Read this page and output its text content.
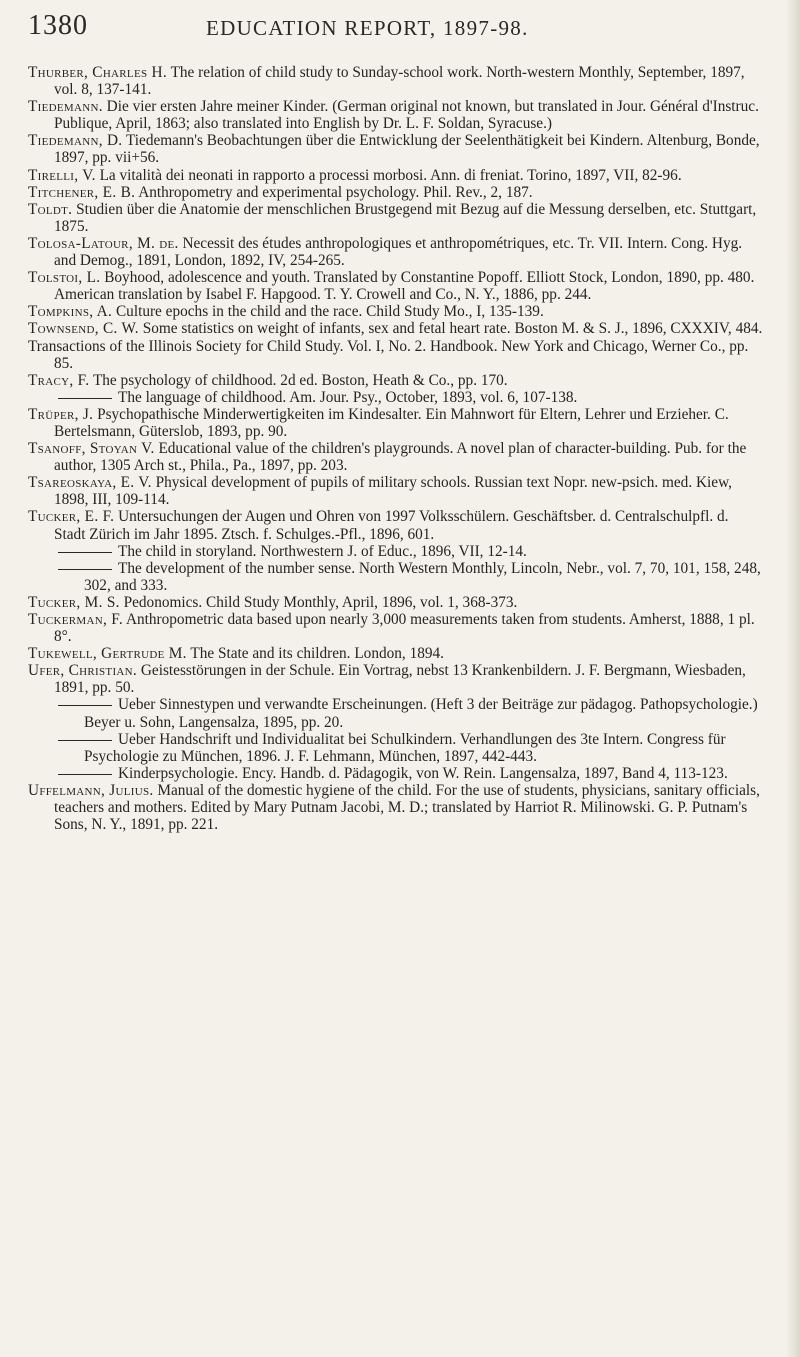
1380	EDUCATION REPORT, 1897-98.

Thurber, Charles H. The relation of child study to Sunday-school work. North-western Monthly, September, 1897, vol. 8, 137-141.

Tiedemann. Die vier ersten Jahre meiner Kinder. (German original not known, but translated in Jour. Général d'Instruc. Publique, April, 1863; also translated into English by Dr. L. F. Soldan, Syracuse.)

Tiedemann, D. Tiedemann's Beobachtungen über die Entwicklung der Seelenthätigkeit bei Kindern. Altenburg, Bonde, 1897, pp. vii+56.

Tirelli, V. La vitalità dei neonati in rapporto a processi morbosi. Ann. di freniat. Torino, 1897, VII, 82-96.

Titchener, E. B. Anthropometry and experimental psychology. Phil. Rev., 2, 187.

Toldt. Studien über die Anatomie der menschlichen Brustgegend mit Bezug auf die Messung derselben, etc. Stuttgart, 1875.

Tolosa-Latour, M. de. Necessit des études anthropologiques et anthropométriques, etc. Tr. VII. Intern. Cong. Hyg. and Demog., 1891, London, 1892, IV, 254-265.

Tolstoi, L. Boyhood, adolescence and youth. Translated by Constantine Popoff. Elliott Stock, London, 1890, pp. 480. American translation by Isabel F. Hapgood. T. Y. Crowell and Co., N. Y., 1886, pp. 244.

Tompkins, A. Culture epochs in the child and the race. Child Study Mo., I, 135-139.

Townsend, C. W. Some statistics on weight of infants, sex and fetal heart rate. Boston M. & S. J., 1896, CXXXIV, 484.

Transactions of the Illinois Society for Child Study. Vol. I, No. 2. Handbook. New York and Chicago, Werner Co., pp. 85.

Tracy, F. The psychology of childhood. 2d ed. Boston, Heath & Co., pp. 170.

The language of childhood. Am. Jour. Psy., October, 1893, vol. 6, 107-138.

Trüper, J. Psychopathische Minderwertigkeiten im Kindesalter. Ein Mahnwort für Eltern, Lehrer und Erzieher. C. Bertelsmann, Güterslob, 1893, pp. 90.

Tsanoff, Stoyan V. Educational value of the children's playgrounds. A novel plan of character-building. Pub. for the author, 1305 Arch st., Phila., Pa., 1897, pp. 203.

Tsareoskaya, E. V. Physical development of pupils of military schools. Russian text Nopr. new-psich. med. Kiew, 1898, III, 109-114.

Tucker, E. F. Untersuchungen der Augen und Ohren von 1997 Volksschülern. Geschäftsber. d. Centralschulpfl. d. Stadt Zürich im Jahr 1895. Ztsch. f. Schulges.-Pfl., 1896, 601.

The child in storyland. Northwestern J. of Educ., 1896, VII, 12-14.

The development of the number sense. North Western Monthly, Lincoln, Nebr., vol. 7, 70, 101, 158, 248, 302, and 333.

Tucker, M. S. Pedonomics. Child Study Monthly, April, 1896, vol. 1, 368-373.

Tuckerman, F. Anthropometric data based upon nearly 3,000 measurements taken from students. Amherst, 1888, 1 pl. 8°.

Tukewell, Gertrude M. The State and its children. London, 1894.

Ufer, Christian. Geistesstörungen in der Schule. Ein Vortrag, nebst 13 Krankenbildern. J. F. Bergmann, Wiesbaden, 1891, pp. 50.

Ueber Sinnestypen und verwandte Erscheinungen. (Heft 3 der Beiträge zur pädagog. Pathopsychologie.) Beyer u. Sohn, Langensalza, 1895, pp. 20.

Ueber Handschrift und Individualitat bei Schulkindern. Verhandlungen des 3te Intern. Congress für Psychologie zu München, 1896. J. F. Lehmann, München, 1897, 442-443.

Kinderpsychologie. Ency. Handb. d. Pädagogik, von W. Rein. Langensalza, 1897, Band 4, 113-123.

Uffelmann, Julius. Manual of the domestic hygiene of the child. For the use of students, physicians, sanitary officials, teachers and mothers. Edited by Mary Putnam Jacobi, M. D.; translated by Harriot R. Milinowski. G. P. Putnam's Sons, N. Y., 1891, pp. 221.
